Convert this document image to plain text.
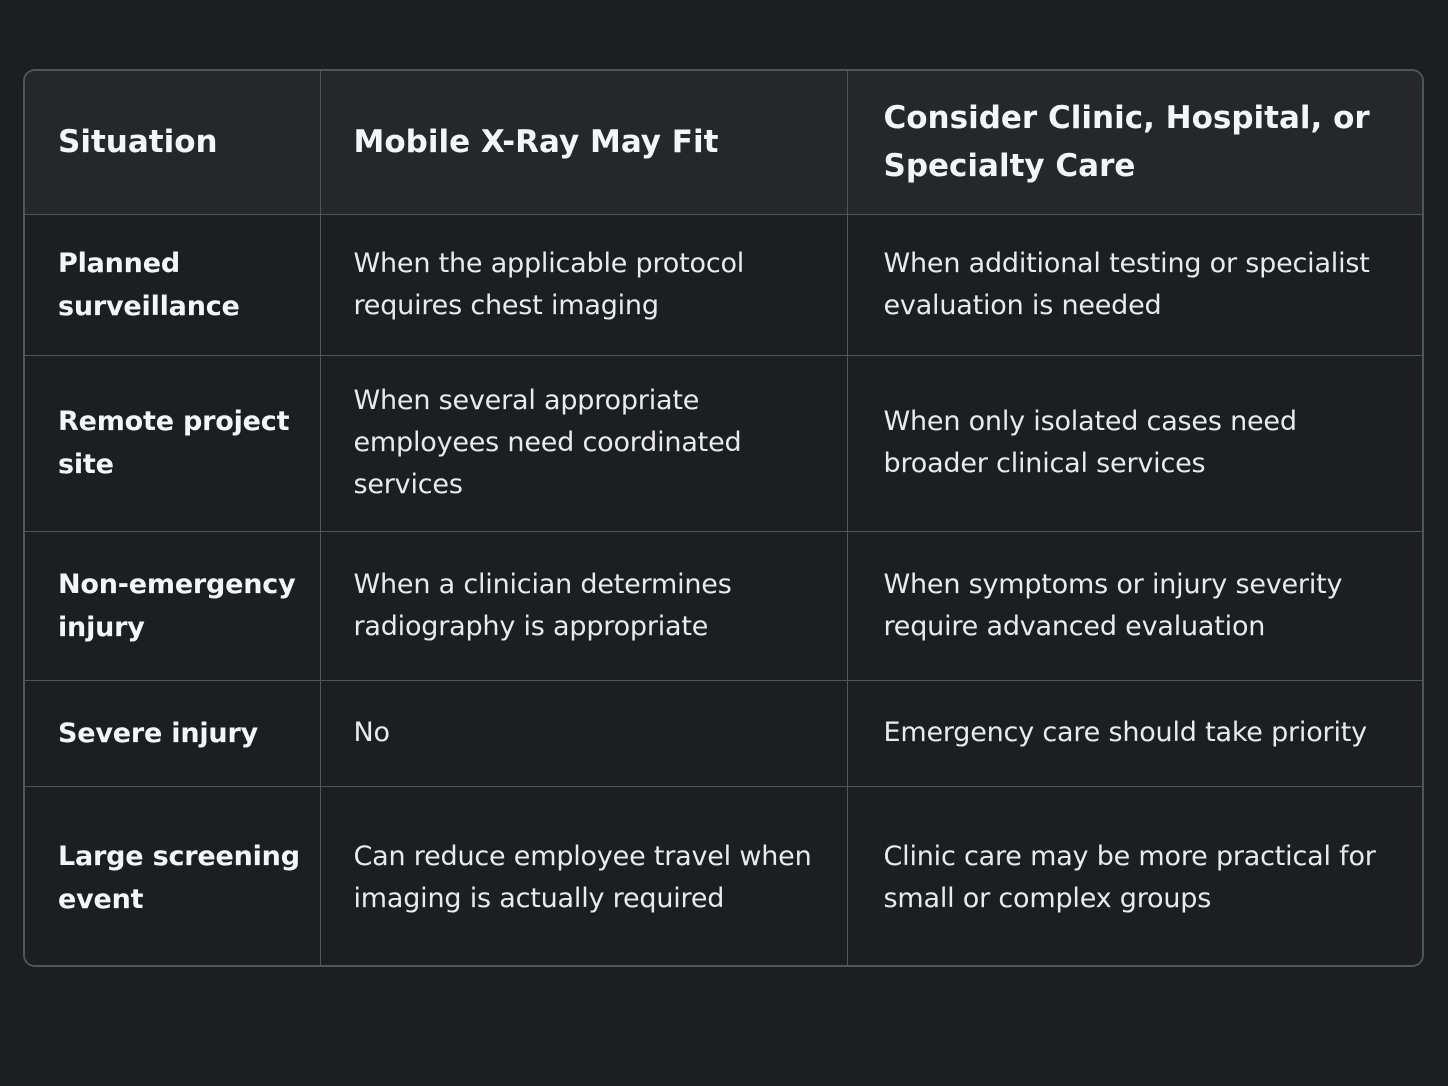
Situation	Mobile X-Ray May Fit	Consider Clinic, Hospital, or Specialty Care
Planned surveillance	When the applicable protocol requires chest imaging	When additional testing or specialist evaluation is needed
Remote project site	When several appropriate employees need coordinated services	When only isolated cases need broader clinical services
Non-emergency injury	When a clinician determines radiography is appropriate	When symptoms or injury severity require advanced evaluation
Severe injury	No	Emergency care should take priority
Large screening event	Can reduce employee travel when imaging is actually required	Clinic care may be more practical for small or complex groups
